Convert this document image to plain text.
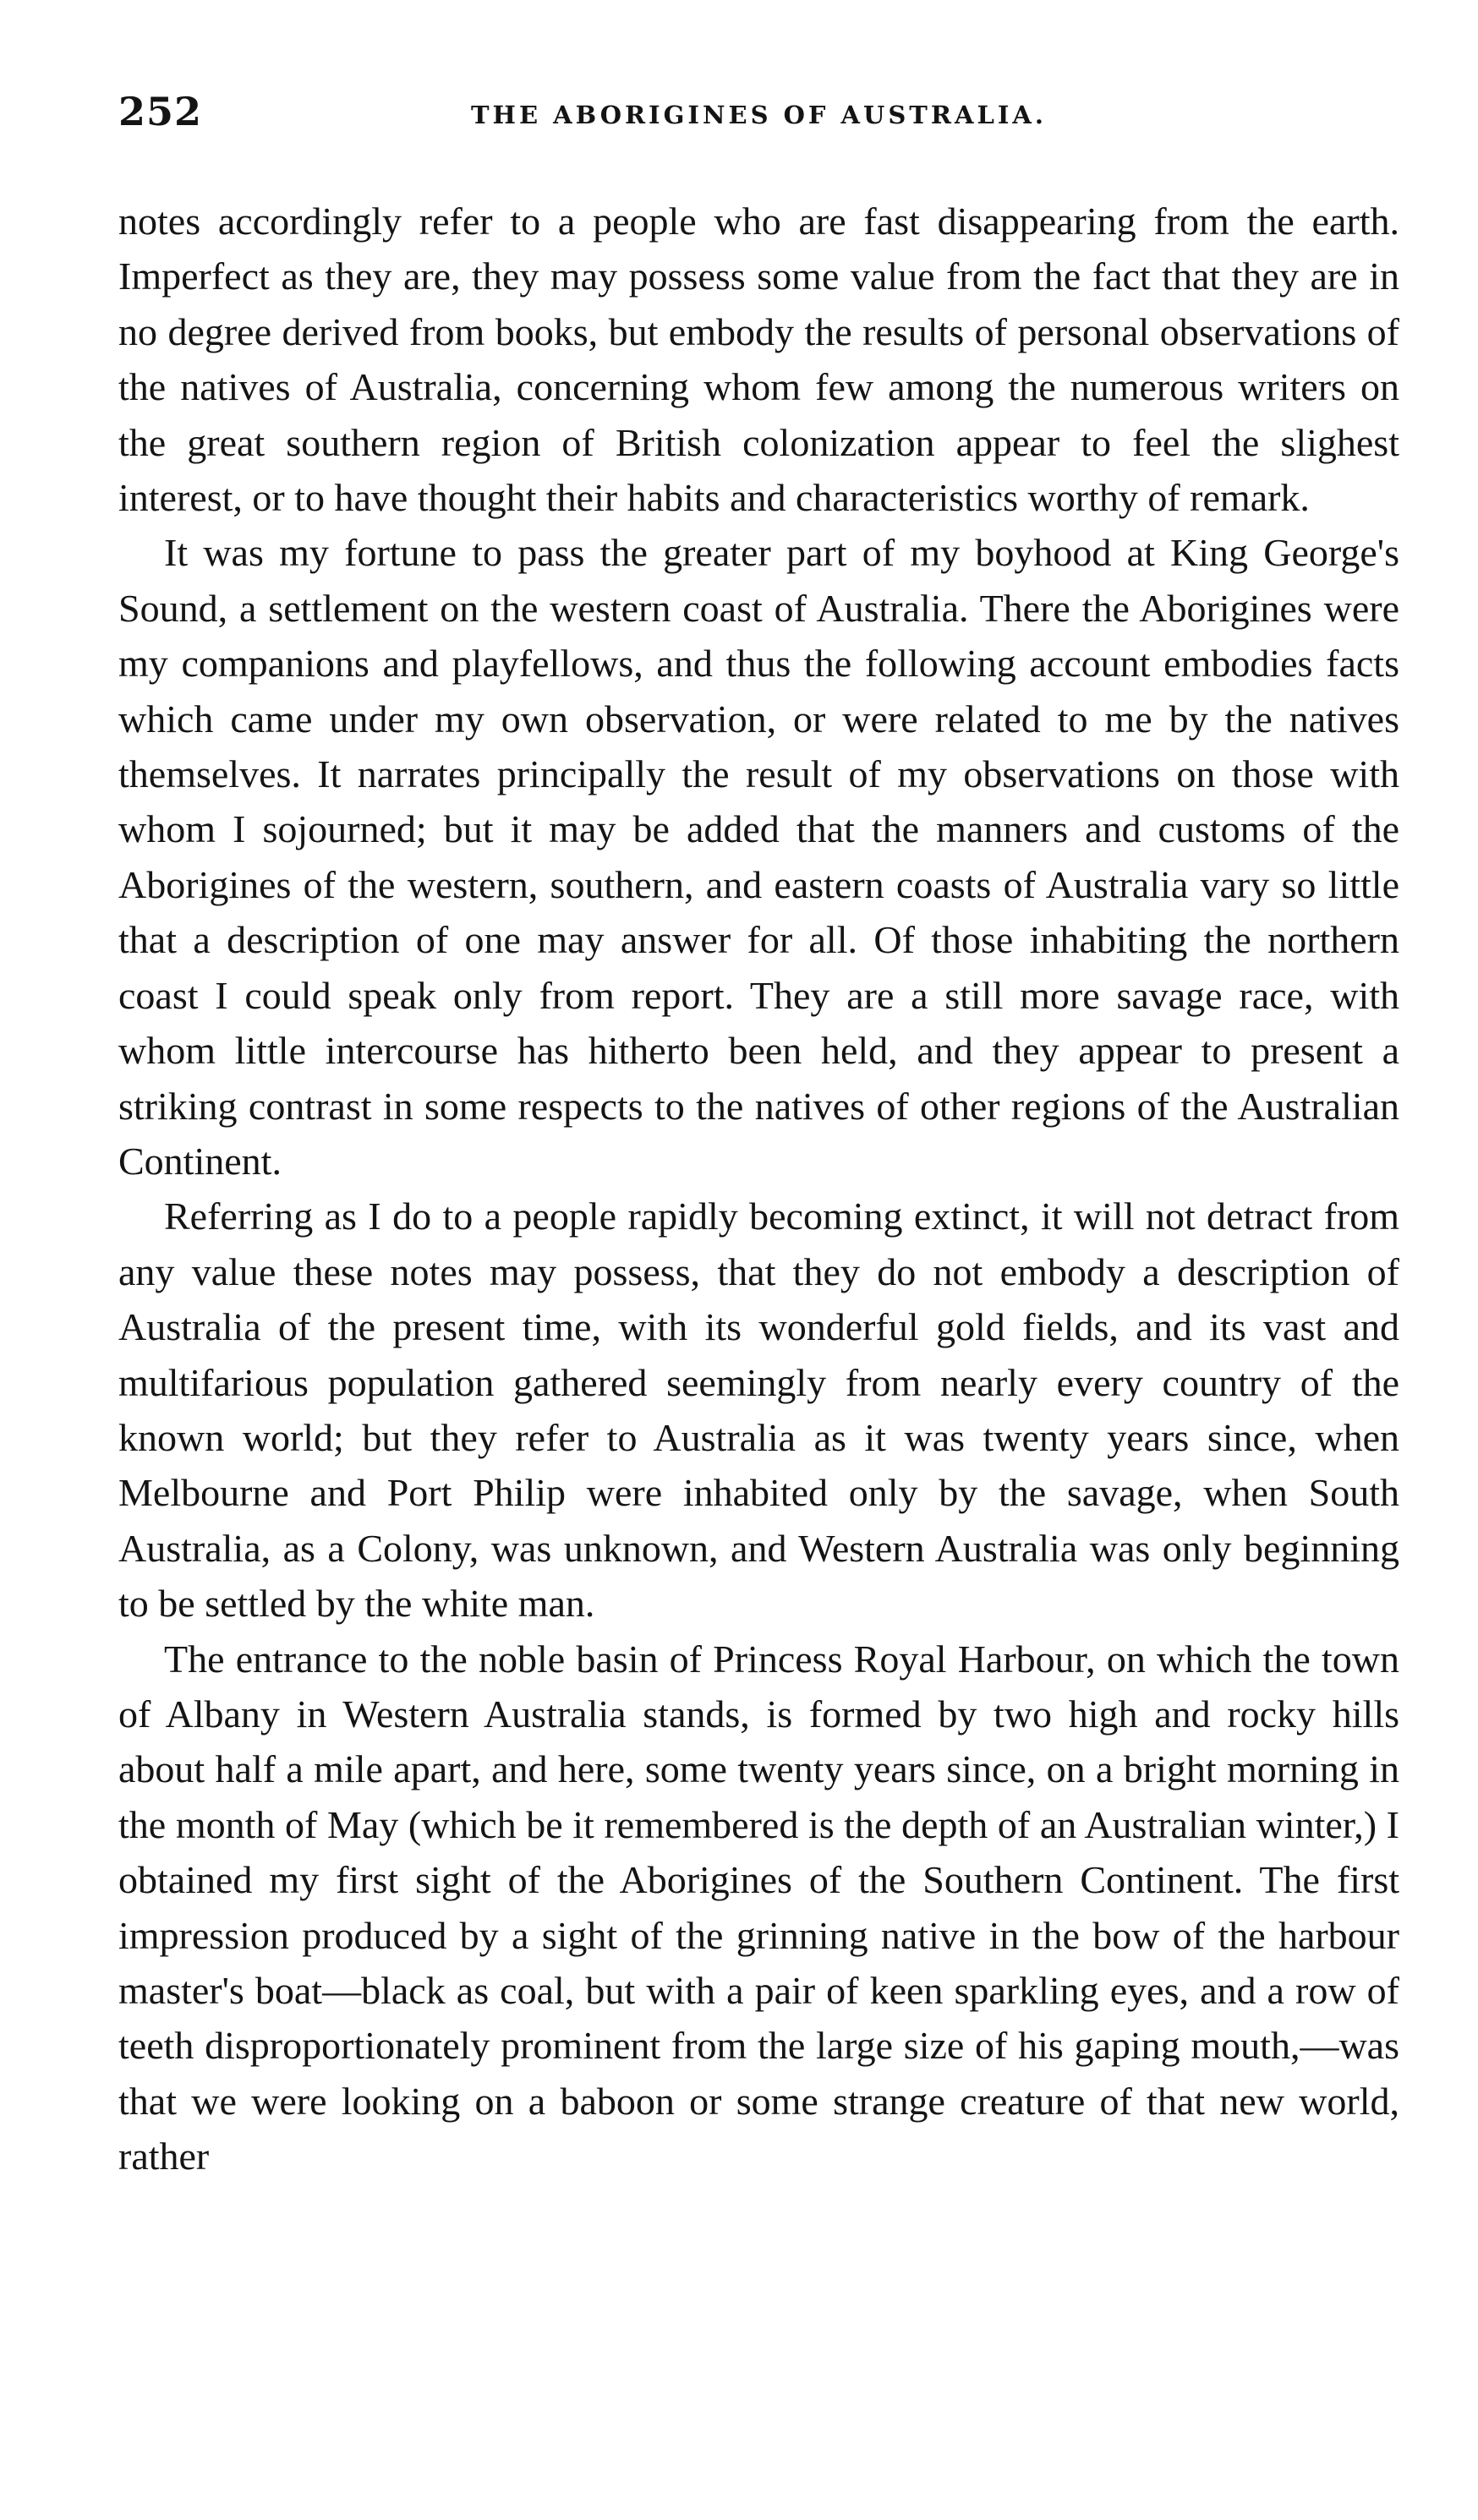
252	THE ABORIGINES OF AUSTRALIA.

notes accordingly refer to a people who are fast disappearing from the earth. Imperfect as they are, they may possess some value from the fact that they are in no degree derived from books, but embody the results of personal observations of the natives of Australia, concerning whom few among the numerous writers on the great southern region of British colonization appear to feel the slighest interest, or to have thought their habits and characteristics worthy of remark.

It was my fortune to pass the greater part of my boyhood at King George's Sound, a settlement on the western coast of Australia. There the Aborigines were my companions and playfellows, and thus the following account embodies facts which came under my own observation, or were related to me by the natives themselves. It narrates principally the result of my observations on those with whom I sojourned; but it may be added that the manners and customs of the Aborigines of the western, southern, and eastern coasts of Australia vary so little that a description of one may answer for all. Of those inhabiting the northern coast I could speak only from report. They are a still more savage race, with whom little intercourse has hitherto been held, and they appear to present a striking contrast in some respects to the natives of other regions of the Australian Continent.

Referring as I do to a people rapidly becoming extinct, it will not detract from any value these notes may possess, that they do not embody a description of Australia of the present time, with its wonderful gold fields, and its vast and multifarious population gathered seemingly from nearly every country of the known world; but they refer to Australia as it was twenty years since, when Melbourne and Port Philip were inhabited only by the savage, when South Australia, as a Colony, was unknown, and Western Australia was only beginning to be settled by the white man.

The entrance to the noble basin of Princess Royal Harbour, on which the town of Albany in Western Australia stands, is formed by two high and rocky hills about half a mile apart, and here, some twenty years since, on a bright morning in the month of May (which be it remembered is the depth of an Australian winter,) I obtained my first sight of the Aborigines of the Southern Continent. The first impression produced by a sight of the grinning native in the bow of the harbour master's boat—black as coal, but with a pair of keen sparkling eyes, and a row of teeth disproportionately prominent from the large size of his gaping mouth,—was that we were looking on a baboon or some strange creature of that new world, rather
